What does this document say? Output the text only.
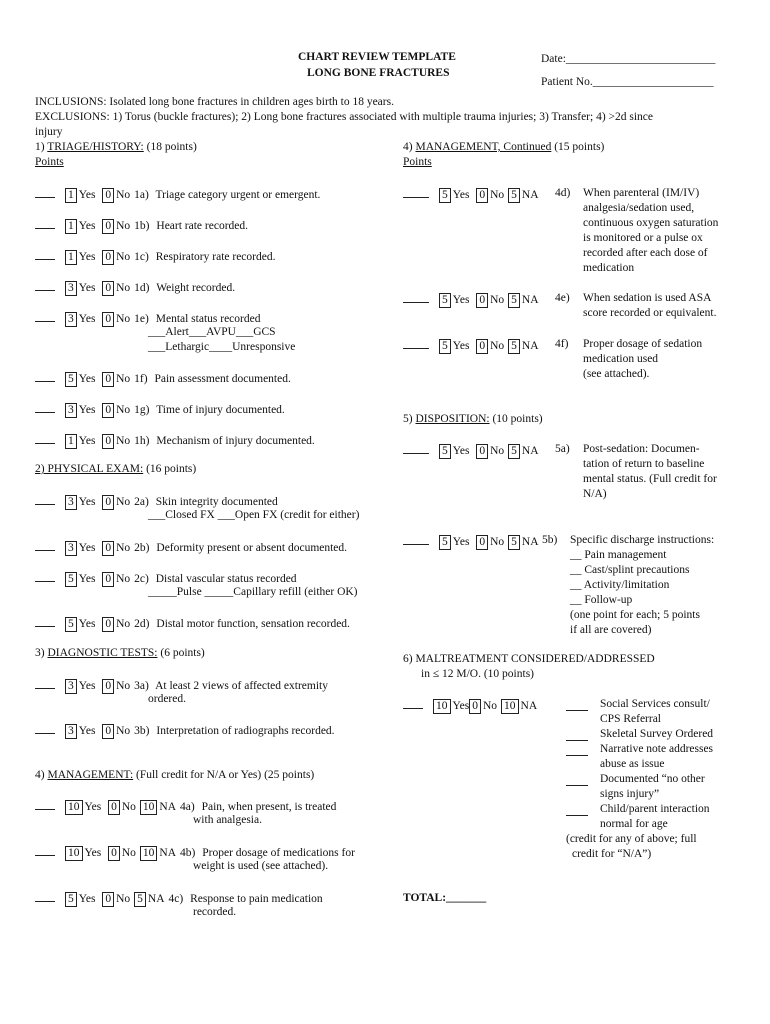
CHART REVIEW TEMPLATE
LONG BONE FRACTURES
Date:__________________________
Patient No._____________________
INCLUSIONS: Isolated long bone fractures in children ages birth to 18 years.
EXCLUSIONS: 1) Torus (buckle fractures); 2) Long bone fractures associated with multiple trauma injuries; 3) Transfer; 4) >2d since
injury
1) TRIAGE/HISTORY: (18 points)
Points
1 Yes 0 No 1a) Triage category urgent or emergent.
1 Yes 0 No 1b) Heart rate recorded.
1 Yes 0 No 1c) Respiratory rate recorded.
3 Yes 0 No 1d) Weight recorded.
3 Yes 0 No 1e) Mental status recorded
___Alert___AVPU___GCS
___Lethargic____Unresponsive
5 Yes 0 No 1f) Pain assessment documented.
3 Yes 0 No 1g) Time of injury documented.
1 Yes 0 No 1h) Mechanism of injury documented.
3 Yes 0 No 2a) Skin integrity documented
___Closed FX ___Open FX (credit for either)
3 Yes 0 No 2b) Deformity present or absent documented.
5 Yes 0 No 2c) Distal vascular status recorded
_____Pulse _____Capillary refill (either OK)
5 Yes 0 No 2d) Distal motor function, sensation recorded.
3 Yes 0 No 3a) At least 2 views of affected extremity
ordered.
3 Yes 0 No 3b) Interpretation of radiographs recorded.
10 Yes 0 No 10 NA 4a) Pain, when present, is treated
with analgesia.
10 Yes 0 No 10 NA 4b) Proper dosage of medications for
weight is used (see attached).
5 Yes 0 No 5 NA 4c) Response to pain medication
recorded.
2) PHYSICAL EXAM: (16 points)
3) DIAGNOSTIC TESTS: (6 points)
4) MANAGEMENT: (Full credit for N/A or Yes) (25 points)
4) MANAGEMENT, Continued (15 points)
Points
5) DISPOSITION: (10 points)
6) MALTREATMENT CONSIDERED/ADDRESSED
in ≤ 12 M/O. (10 points)
5 Yes 0 No 5 NA 4d) When parenteral (IM/IV)
analgesia/sedation used,
continuous oxygen saturation
is monitored or a pulse ox
recorded after each dose of
medication
5 Yes 0 No 5 NA 4e) When sedation is used ASA
score recorded or equivalent.
5 Yes 0 No 5 NA 4f) Proper dosage of sedation
medication used
(see attached).
5 Yes 0 No 5 NA 5a) Post-sedation: Documen-
tation of return to baseline
mental status. (Full credit for
N/A)
5 Yes 0 No 5 NA 5b) Specific discharge instructions:
__ Pain management
__ Cast/splint precautions
__ Activity/limitation
__ Follow-up
(one point for each; 5 points
if all are covered)
10 Yes 0 No 10 NA	Social Services consult/
CPS Referral
Skeletal Survey Ordered
Narrative note addresses
abuse as issue
Documented “no other
signs injury”
Child/parent interaction
normal for age
(credit for any of above; full
credit for “N/A”)
TOTAL:_______
